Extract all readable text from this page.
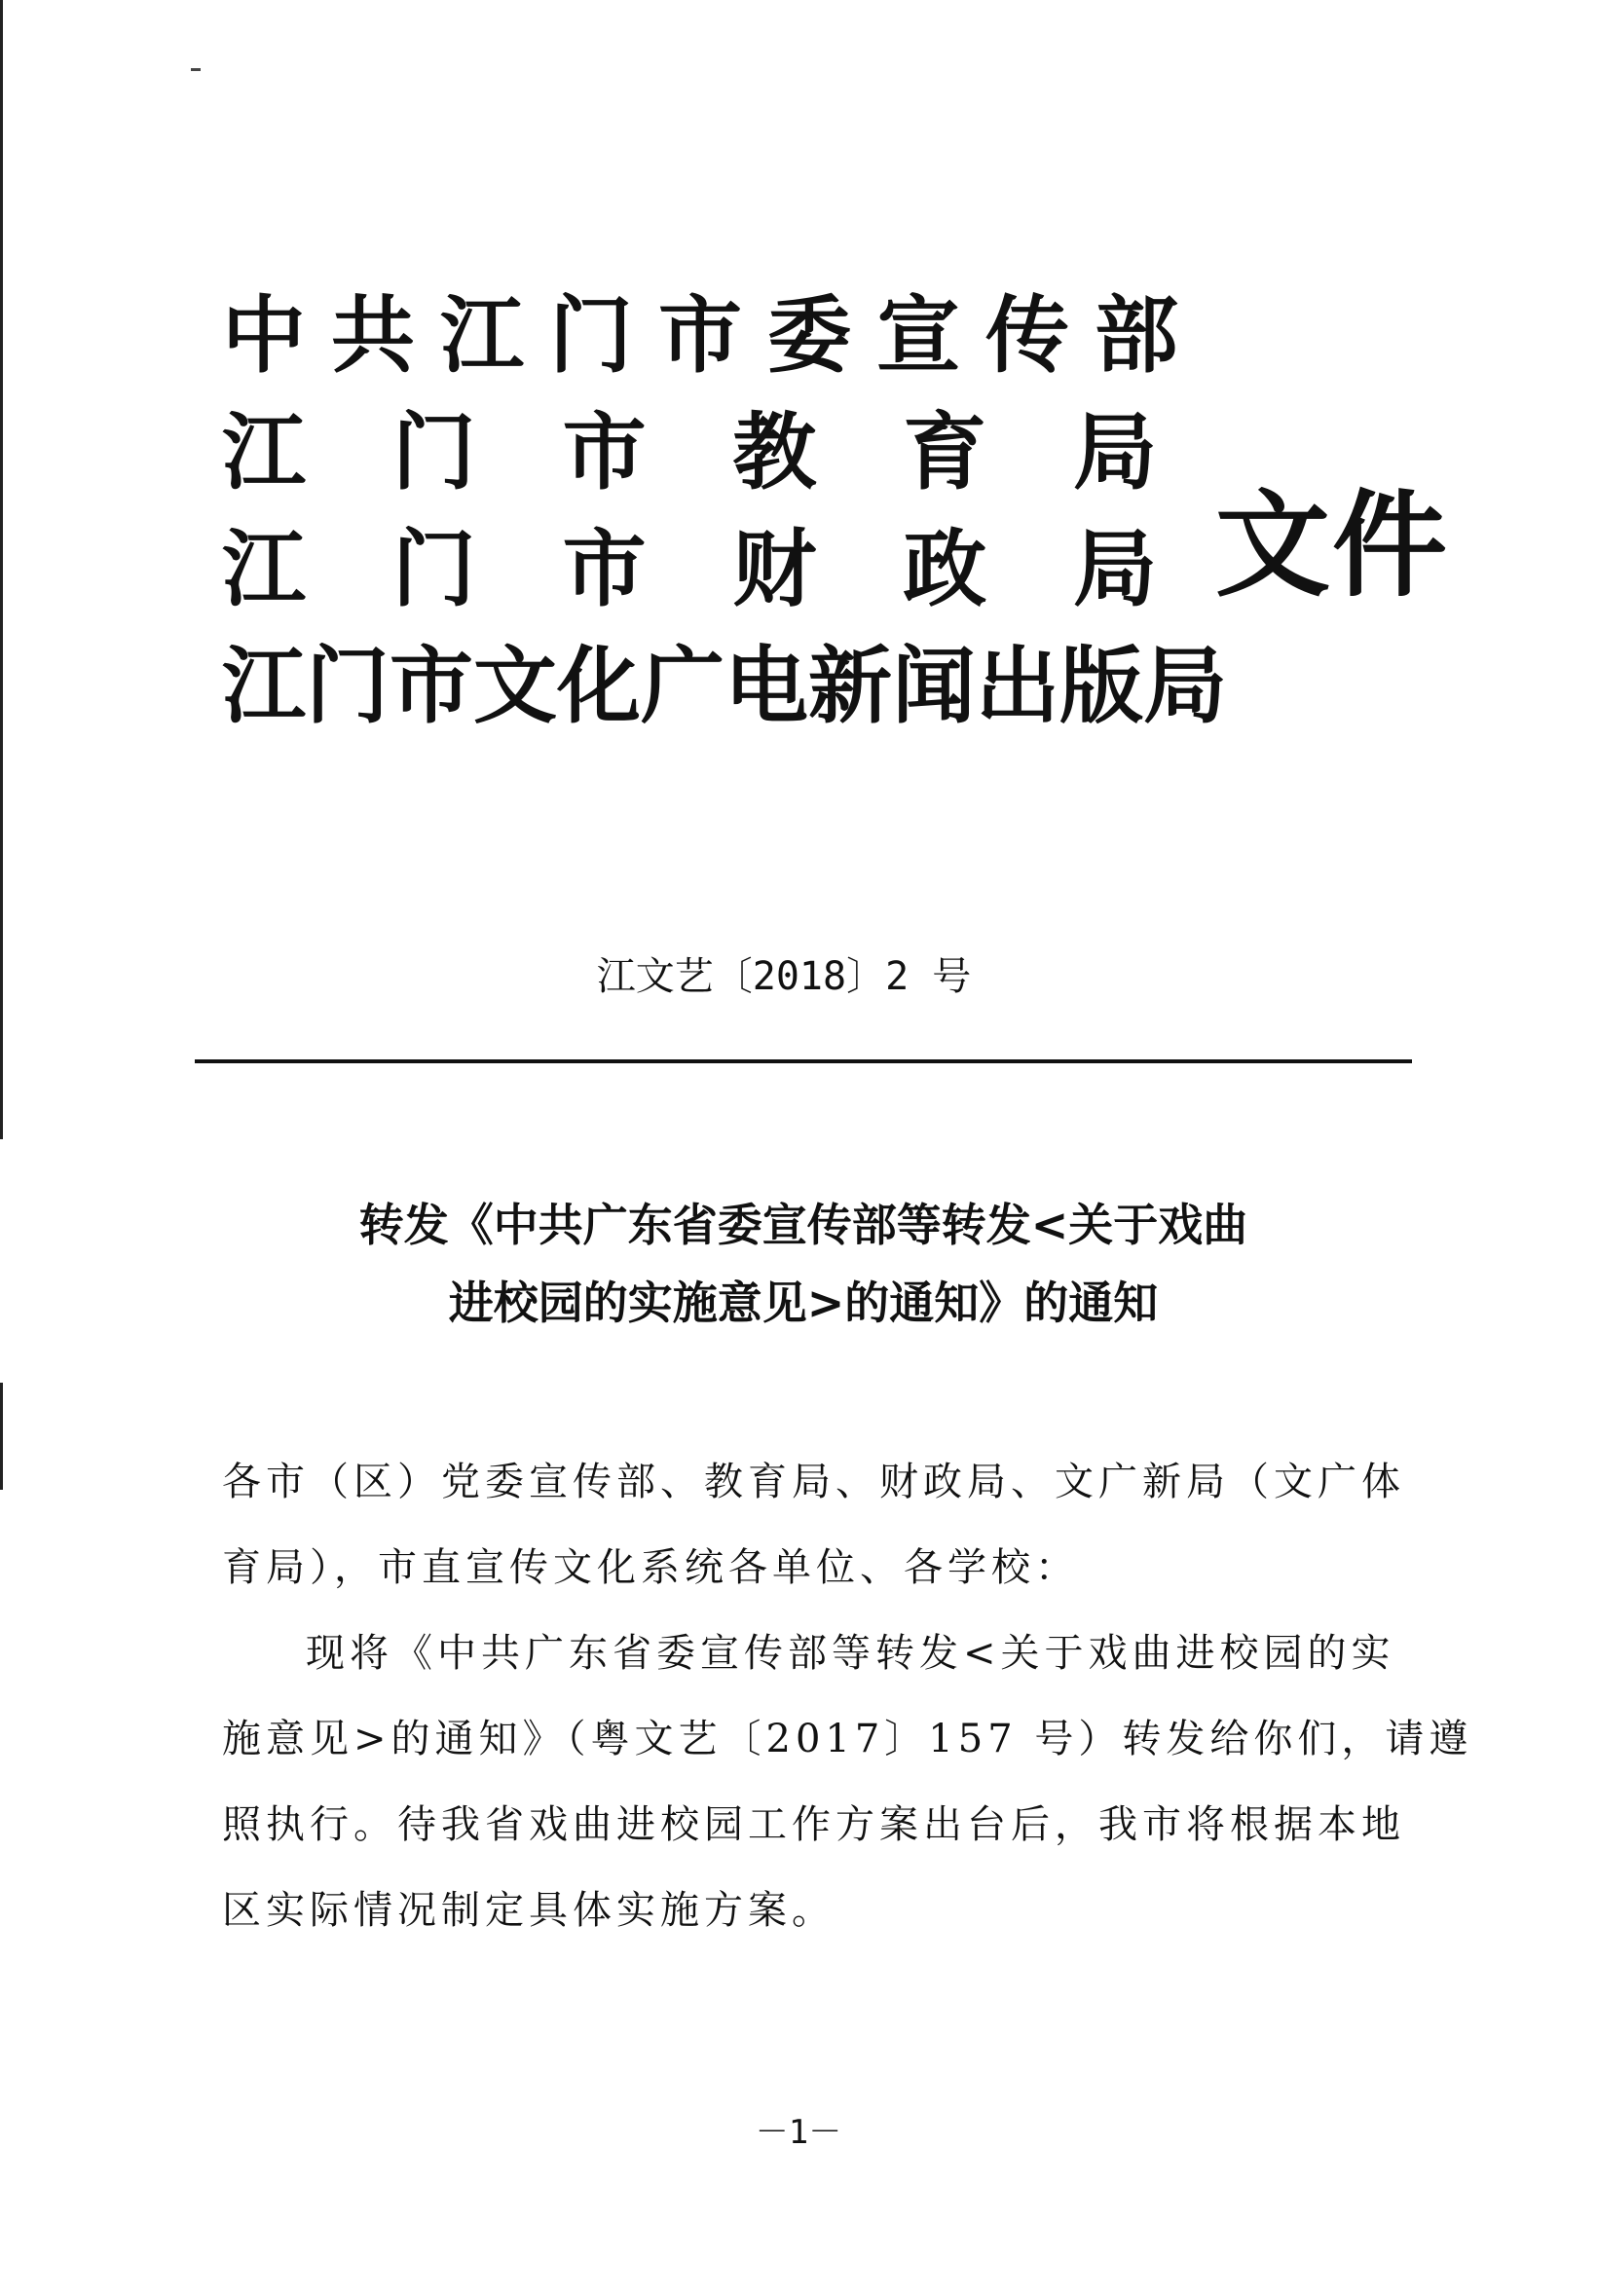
中共江门市委宣传部
江 门 市 教 育 局
江 门 市 财 政 局
江门市文化广电新闻出版局
文件
江文艺〔2018〕2 号
转发《中共广东省委宣传部等转发<关于戏曲
进校园的实施意见>的通知》的通知
各市（区）党委宣传部、教育局、财政局、文广新局（文广体
育局），市直宣传文化系统各单位、各学校：
现将《中共广东省委宣传部等转发<关于戏曲进校园的实
施意见>的通知》（粤文艺〔2017〕157 号）转发给你们，请遵
照执行。待我省戏曲进校园工作方案出台后，我市将根据本地
区实际情况制定具体实施方案。
－1－
